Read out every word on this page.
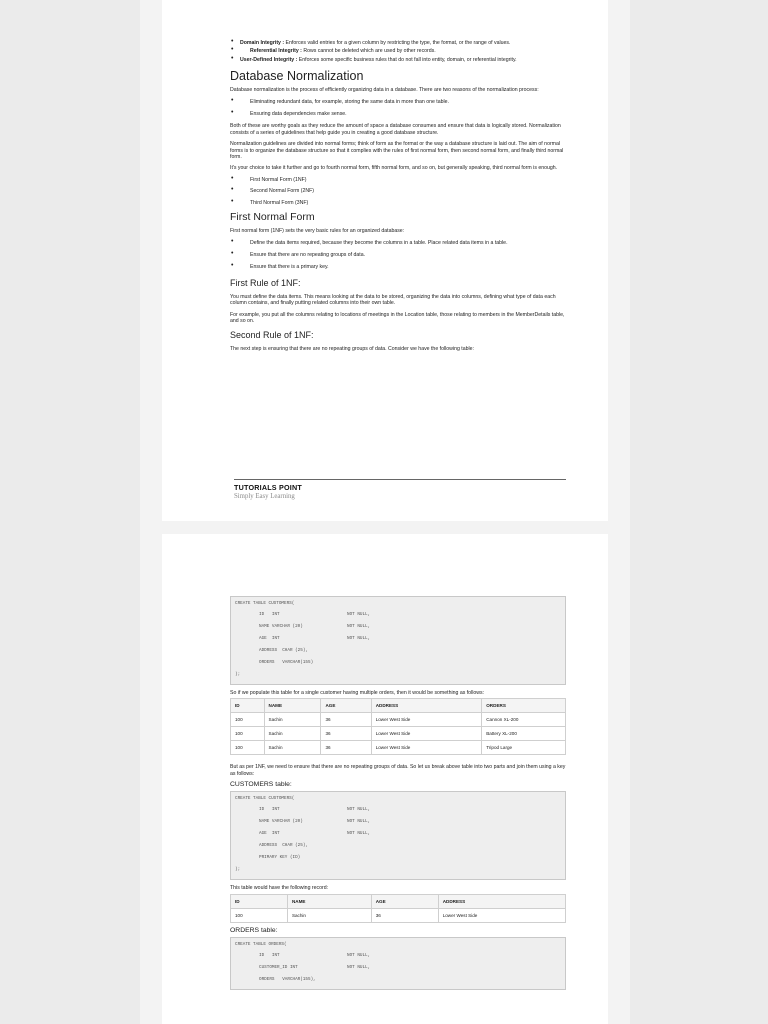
• Domain Integrity : Enforces valid entries for a given column by restricting the type, the format, or the range of values.
• Referential Integrity : Rows cannot be deleted which are used by other records.
• User-Defined Integrity : Enforces some specific business rules that do not fall into entity, domain, or referential integrity.
Database Normalization

Database normalization is the process of efficiently organizing data in a database. There are two reasons of the normalization process:

• Eliminating redundant data, for example, storing the same data in more than one table.
• Ensuring data dependencies make sense.

Both of these are worthy goals as they reduce the amount of space a database consumes and ensure that data is logically stored. Normalization consists of a series of guidelines that help guide you in creating a good database structure.

Normalization guidelines are divided into normal forms; think of form as the format or the way a database structure is laid out. The aim of normal forms is to organize the database structure so that it complies with the rules of first normal form, then second normal form, and finally third normal form.

It's your choice to take it further and go to fourth normal form, fifth normal form, and so on, but generally speaking, third normal form is enough.

• First Normal Form (1NF)
• Second Normal Form (2NF)
• Third Normal Form (3NF)
First Normal Form

First normal form (1NF) sets the very basic rules for an organized database:

• Define the data items required, because they become the columns in a table. Place related data items in a table.
• Ensure that there are no repeating groups of data.
• Ensure that there is a primary key.
First Rule of 1NF:

You must define the data items. This means looking at the data to be stored, organizing the data into columns, defining what type of data each column contains, and finally putting related columns into their own table.

For example, you put all the columns relating to locations of meetings in the Location table, those relating to members in the MemberDetails table, and so on.

Second Rule of 1NF:

The next step is ensuring that there are no repeating groups of data. Consider we have the following table:

TUTORIALS POINT
Simply Easy Learning
CREATE TABLE CUSTOMERS(
ID   INT	NOT NULL,
NAME VARCHAR (20)	NOT NULL,
AGE  INT	NOT NULL,
ADDRESS  CHAR (25),
ORDERS   VARCHAR(155)
);

So if we populate this table for a single customer having multiple orders, then it would be something as follows:

ID	NAME	AGE	ADDRESS	ORDERS
100	Sachin	36	Lower West Side	Cannon XL-200
100	Sachin	36	Lower West Side	Battery XL-200
100	Sachin	36	Lower West Side	Tripod Large

But as per 1NF, we need to ensure that there are no repeating groups of data. So let us break above table into two parts and join them using a key as follows:

CUSTOMERS table:
CREATE TABLE CUSTOMERS(
ID   INT	NOT NULL,
NAME VARCHAR (20)	NOT NULL,
AGE  INT	NOT NULL,
ADDRESS  CHAR (25),
PRIMARY KEY (ID)
);

This table would have the following record:

ID	NAME	AGE	ADDRESS
100	Sachin	36	Lower West Side
ORDERS table:
CREATE TABLE ORDERS(
ID   INT	NOT NULL,
CUSTOMER_ID INT	NOT NULL,
ORDERS   VARCHAR(155),
